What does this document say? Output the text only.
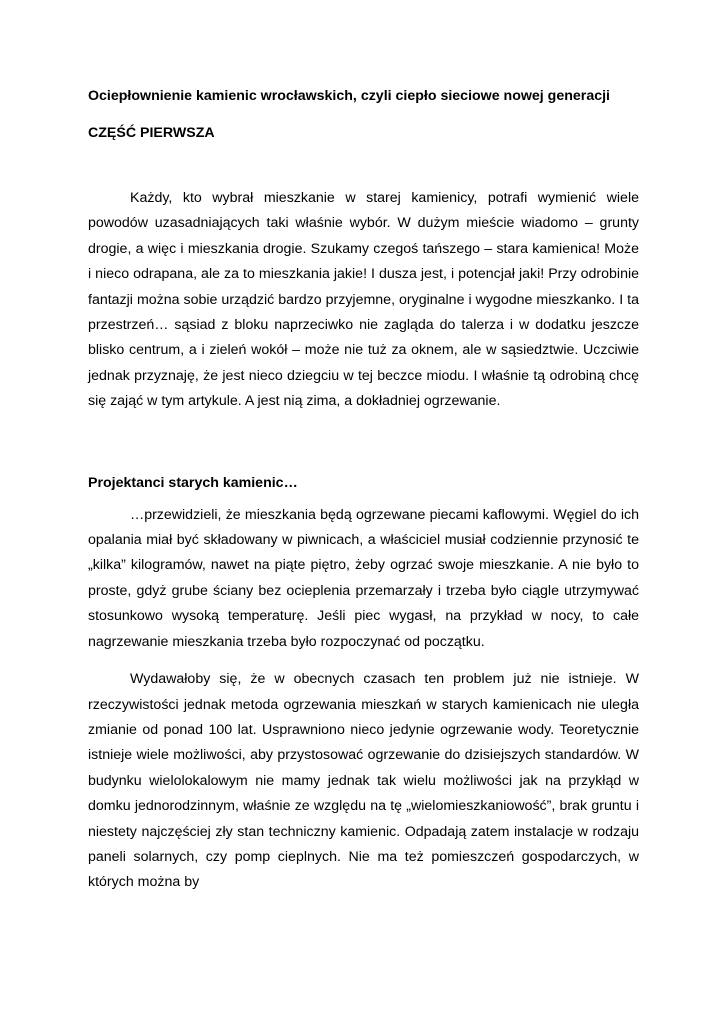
Ociepłownienie kamienic wrocławskich, czyli ciepło sieciowe nowej generacji
CZĘŚĆ PIERWSZA

Każdy, kto wybrał mieszkanie w starej kamienicy, potrafi wymienić wiele powodów uzasadniających taki właśnie wybór. W dużym mieście wiadomo – grunty drogie, a więc i mieszkania drogie. Szukamy czegoś tańszego – stara kamienica! Może i nieco odrapana, ale za to mieszkania jakie! I dusza jest, i potencjał jaki! Przy odrobinie fantazji można sobie urządzić bardzo przyjemne, oryginalne i wygodne mieszkanko. I ta przestrzeń… sąsiad z bloku naprzeciwko nie zagląda do talerza i w dodatku jeszcze blisko centrum, a i zieleń wokół – może nie tuż za oknem, ale w sąsiedztwie. Uczciwie jednak przyznaję, że jest nieco dziegciu w tej beczce miodu. I właśnie tą odrobiną chcę się zająć w tym artykule. A jest nią zima, a dokładniej ogrzewanie.

Projektanci starych kamienic…

…przewidzieli, że mieszkania będą ogrzewane piecami kaflowymi. Węgiel do ich opalania miał być składowany w piwnicach, a właściciel musiał codziennie przynosić te „kilka” kilogramów, nawet na piąte piętro, żeby ogrzać swoje mieszkanie. A nie było to proste, gdyż grube ściany bez ocieplenia przemarzały i trzeba było ciągle utrzymywać stosunkowo wysoką temperaturę. Jeśli piec wygasł, na przykład w nocy, to całe nagrzewanie mieszkania trzeba było rozpoczynać od początku.

Wydawałoby się, że w obecnych czasach ten problem już nie istnieje. W rzeczywistości jednak metoda ogrzewania mieszkań w starych kamienicach nie uległa zmianie od ponad 100 lat. Usprawniono nieco jedynie ogrzewanie wody. Teoretycznie istnieje wiele możliwości, aby przystosować ogrzewanie do dzisiejszych standardów. W budynku wielolokalowym nie mamy jednak tak wielu możliwości jak na przykłąd w domku jednorodzinnym, właśnie ze względu na tę „wielomieszkaniowość”, brak gruntu i niestety najczęściej zły stan techniczny kamienic. Odpadają zatem instalacje w rodzaju paneli solarnych, czy pomp cieplnych. Nie ma też pomieszczeń gospodarczych, w których można by
